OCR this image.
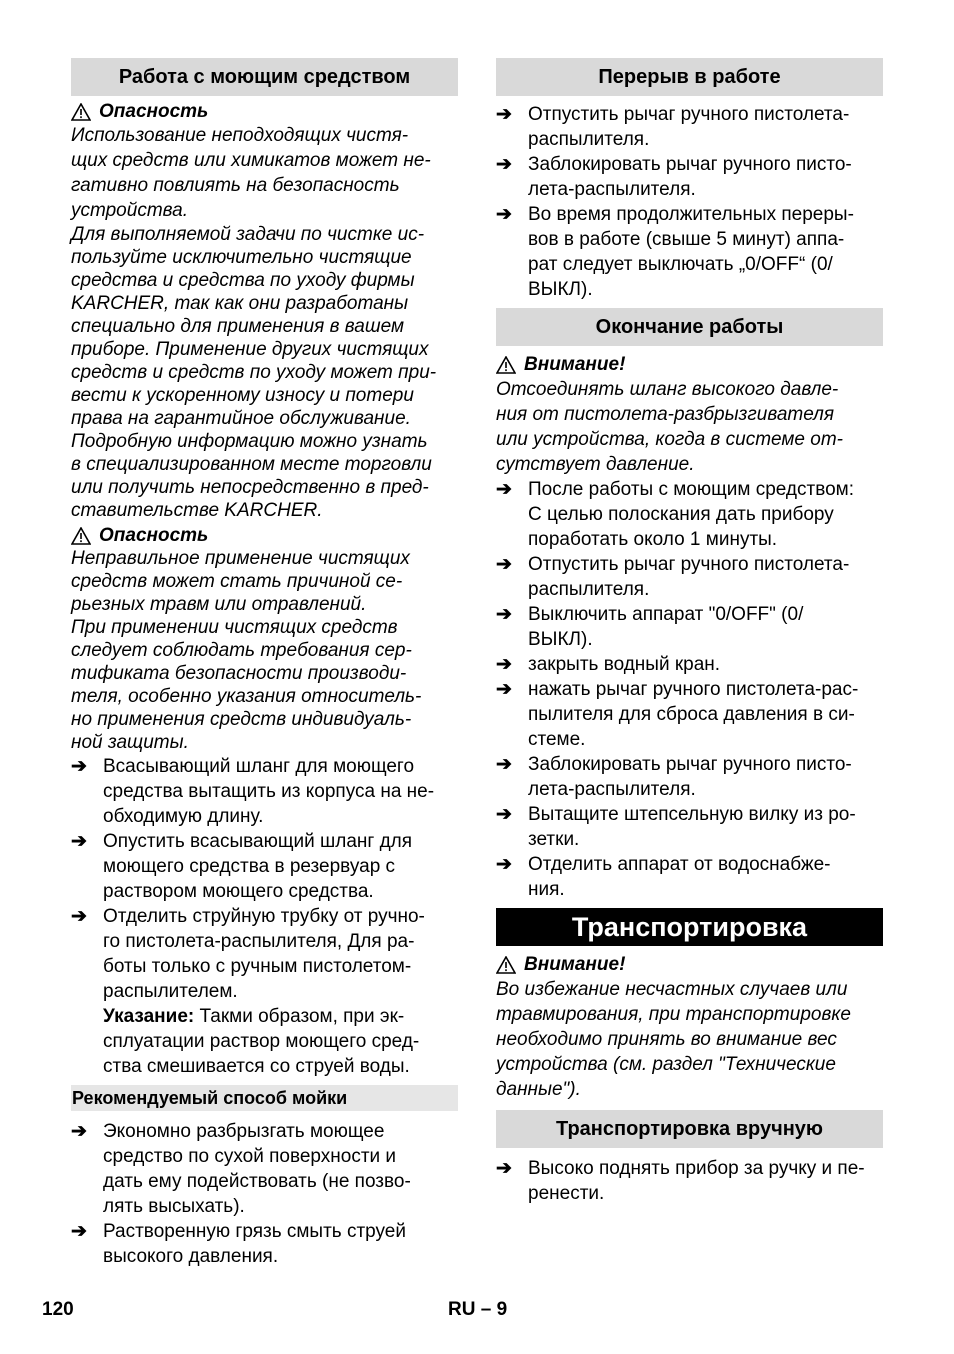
Работа с моющим средством
Опасность

Использование неподходящих чистя-

щих средств или химикатов может не-

гативно повлиять на безопасность

устройства.

Для выполняемой задачи по чистке ис-

пользуйте исключительно чистящие

средства и средства по уходу фирмы

KARCHER, так как они разработаны

специально для применения в вашем

приборе. Применение других чистящих

средств и средств по уходу может при-

вести к ускоренному износу и потери

права на гарантийное обслуживание.

Подробную информацию можно узнать

в специализированном месте торговли

или получить непосредственно в пред-

ставительстве KARCHER.

Опасность

Неправильное применение чистящих

средств может стать причиной се-

рьезных травм или отравлений.

При применении чистящих средств

следует соблюдать требования сер-

тификата безопасности производи-

теля, особенно указания относитель-

но применения средств индивидуаль-

ной защиты.

➔ Всасывающий шланг для моющего

средства вытащить из корпуса на не-

обходимую длину.

➔ Опустить всасывающий шланг для

моющего средства в резервуар с

раствором моющего средства.

➔ Отделить струйную трубку от ручно-

го пистолета-распылителя, Для ра-

боты только с ручным пистолетом-

распылителем.

Указание: Такми образом, при эк-

сплуатации раствор моющего сред-

ства смешивается со струей воды.

Рекомендуемый способ мойки
➔ Экономно разбрызгать моющее

средство по сухой поверхности и

дать ему подействовать (не позво-

лять высыхать).

➔ Растворенную грязь смыть струей

высокого давления.

Перерыв в работе
➔ Отпустить рычаг ручного пистолета-

распылителя.

➔ Заблокировать рычаг ручного писто-

лета-распылителя.

➔ Во время продолжительных переры-

вов в работе (свыше 5 минут) аппа-

рат следует выключать „0/OFF“ (0/

ВЫКЛ).

Окончание работы
Внимание!

Отсоединять шланг высокого давле-

ния от пистолета-разбрызгивателя

или устройства, когда в системе от-

сутствует давление.

➔ После работы с моющим средством:

С целью полоскания дать прибору

поработать около 1 минуты.

➔ Отпустить рычаг ручного пистолета-

распылителя.

➔ Выключить аппарат "0/OFF" (0/

ВЫКЛ).

➔ закрыть водный кран.

➔ нажать рычаг ручного пистолета-рас-

пылителя для сброса давления в си-

стеме.

➔ Заблокировать рычаг ручного писто-

лета-распылителя.

➔ Вытащите штепсельную вилку из ро-

зетки.

➔ Отделить аппарат от водоснабже-

ния.

Транспортировка
Внимание!

Во избежание несчастных случаев или

травмирования, при транспортировке

необходимо принять во внимание вес

устройства (см. раздел "Технические

данные").

Транспортировка вручную
➔ Высоко поднять прибор за ручку и пе-

ренести.

120	RU – 9
